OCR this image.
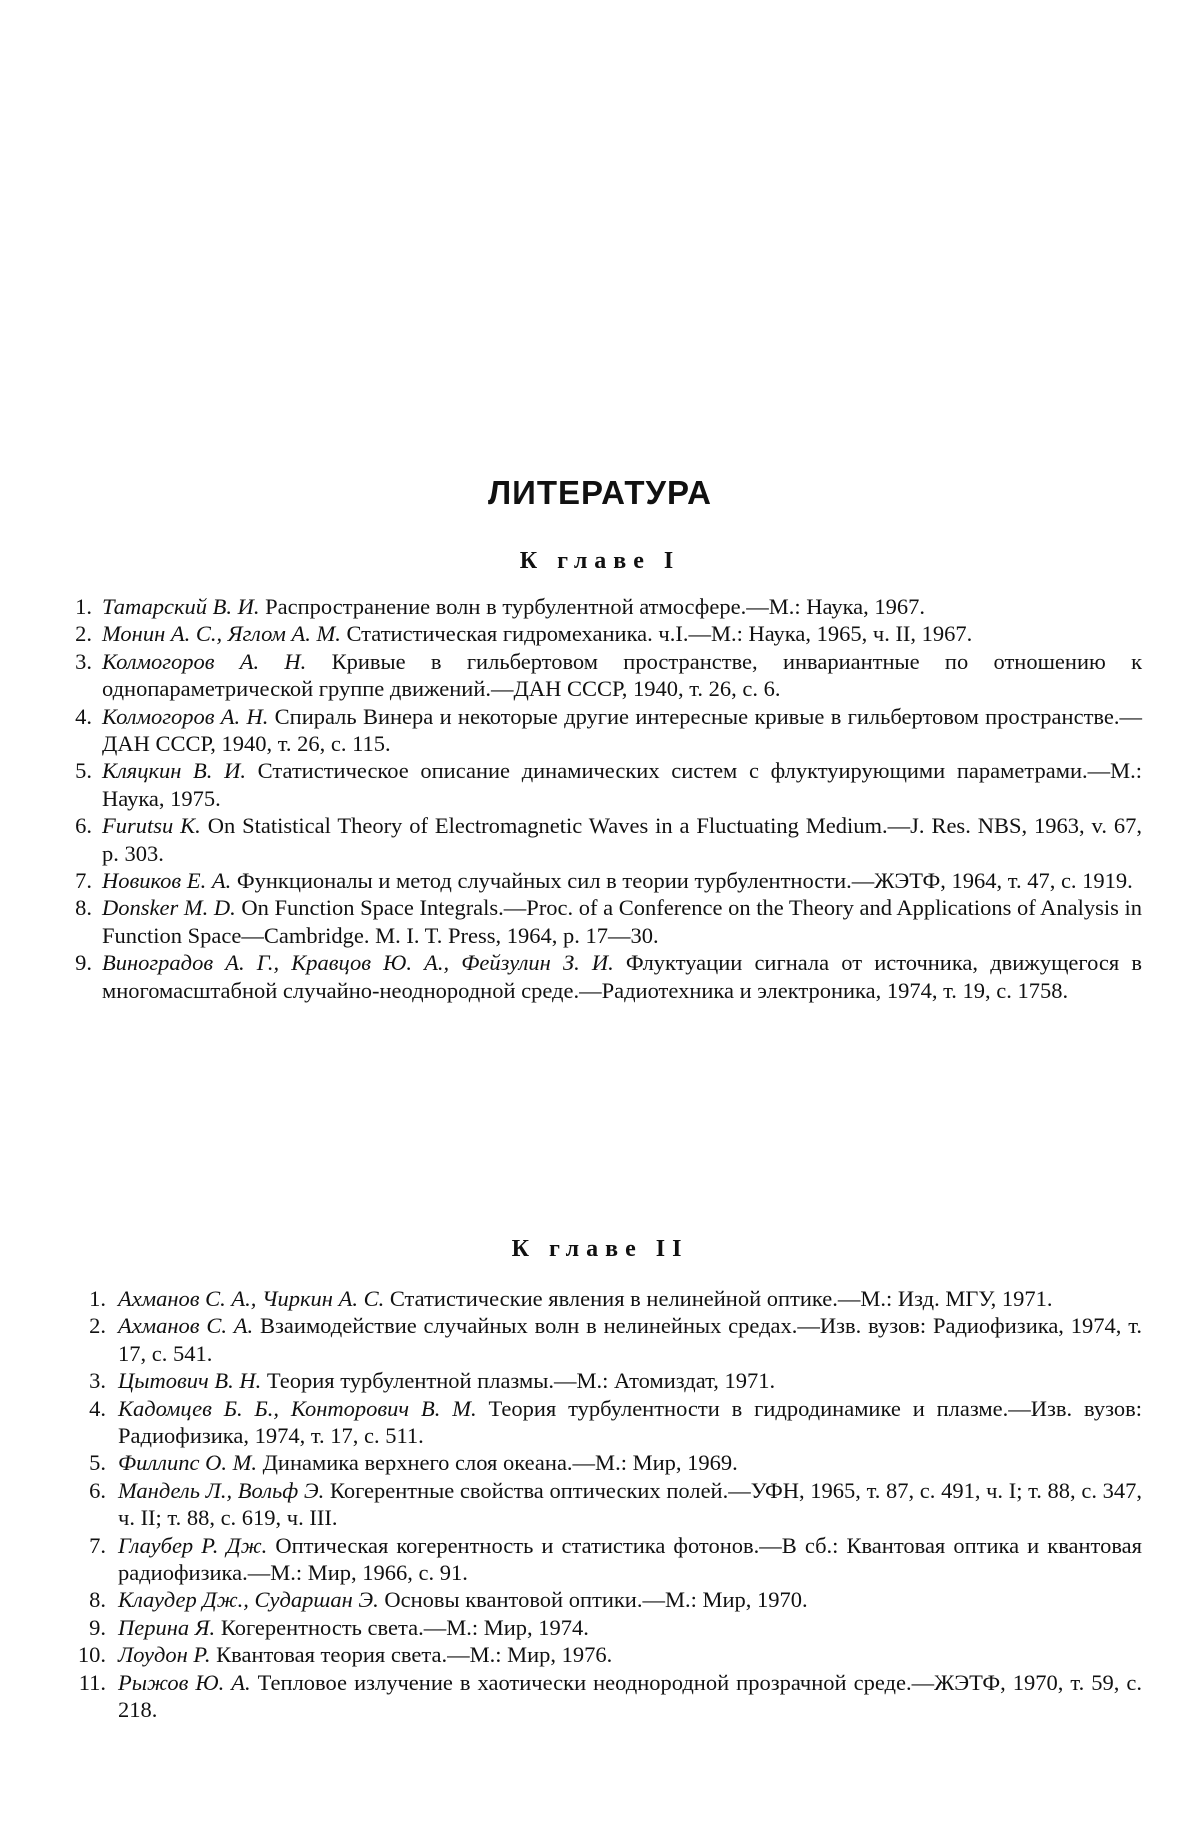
ЛИТЕРАТУРА
К главе I
1. Татарский В. И. Распространение волн в турбулентной атмосфере.—М.: Наука, 1967.
2. Монин А. С., Яглом А. М. Статистическая гидромеханика. ч.I.—М.: Наука, 1965, ч. II, 1967.
3. Колмогоров А. Н. Кривые в гильбертовом пространстве, инвариантные по отношению к однопараметрической группе движений.—ДАН СССР, 1940, т. 26, с. 6.
4. Колмогоров А. Н. Спираль Винера и некоторые другие интересные кривые в гильбертовом пространстве.—ДАН СССР, 1940, т. 26, с. 115.
5. Кляцкин В. И. Статистическое описание динамических систем с флуктуирующими параметрами.—М.: Наука, 1975.
6. Furutsu K. On Statistical Theory of Electromagnetic Waves in a Fluctuating Medium.—J. Res. NBS, 1963, v. 67, p. 303.
7. Новиков Е. А. Функционалы и метод случайных сил в теории турбулентности.—ЖЭТФ, 1964, т. 47, с. 1919.
8. Donsker M. D. On Function Space Integrals.—Proc. of a Conference on the Theory and Applications of Analysis in Function Space—Cambridge. M. I. T. Press, 1964, p. 17—30.
9. Виноградов А. Г., Кравцов Ю. А., Фейзулин З. И. Флуктуации сигнала от источника, движущегося в многомасштабной случайно-неоднородной среде.—Радиотехника и электроника, 1974, т. 19, с. 1758.
К главе II
1. Ахманов С. А., Чиркин А. С. Статистические явления в нелинейной оптике.—М.: Изд. МГУ, 1971.
2. Ахманов С. А. Взаимодействие случайных волн в нелинейных средах.—Изв. вузов: Радиофизика, 1974, т. 17, с. 541.
3. Цытович В. Н. Теория турбулентной плазмы.—М.: Атомиздат, 1971.
4. Кадомцев Б. Б., Конторович В. М. Теория турбулентности в гидродинамике и плазме.—Изв. вузов: Радиофизика, 1974, т. 17, с. 511.
5. Филлипс О. М. Динамика верхнего слоя океана.—М.: Мир, 1969.
6. Мандель Л., Вольф Э. Когерентные свойства оптических полей.—УФН, 1965, т. 87, с. 491, ч. I; т. 88, с. 347, ч. II; т. 88, с. 619, ч. III.
7. Глаубер Р. Дж. Оптическая когерентность и статистика фотонов.—В сб.: Квантовая оптика и квантовая радиофизика.—М.: Мир, 1966, с. 91.
8. Клаудер Дж., Сударшан Э. Основы квантовой оптики.—М.: Мир, 1970.
9. Перина Я. Когерентность света.—М.: Мир, 1974.
10. Лоудон Р. Квантовая теория света.—М.: Мир, 1976.
11. Рыжов Ю. А. Тепловое излучение в хаотически неоднородной прозрачной среде.—ЖЭТФ, 1970, т. 59, с. 218.
